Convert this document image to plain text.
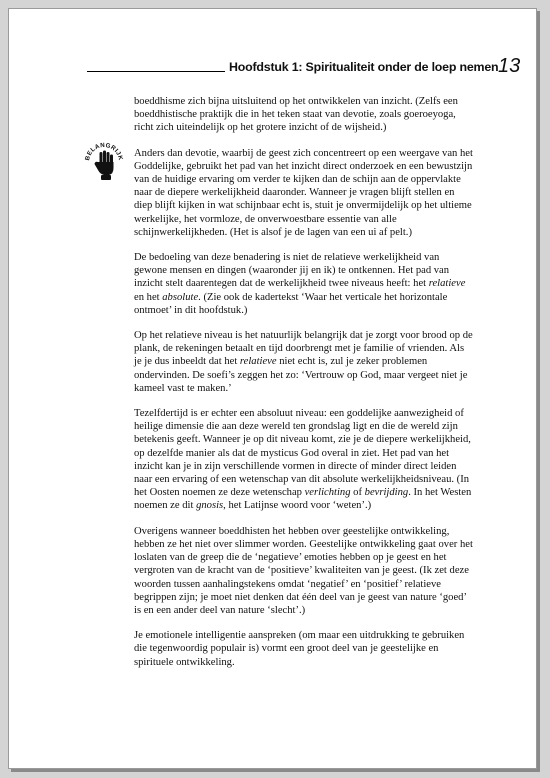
Hoofdstuk 1: Spiritualiteit onder de loep nemen 13
BELANGRIJK

boeddhisme zich bijna uitsluitend op het ontwikkelen van inzicht. (Zelfs een boeddhistische praktijk die in het teken staat van devotie, zoals goeroeyoga, richt zich uiteindelijk op het grotere inzicht of de wijsheid.)

Anders dan devotie, waarbij de geest zich concentreert op een weergave van het Goddelijke, gebruikt het pad van het inzicht direct onderzoek en een bewustzijn van de huidige ervaring om verder te kijken dan de schijn aan de oppervlakte naar de diepere werkelijkheid daaronder. Wanneer je vragen blijft stellen en diep blijft kijken in wat schijnbaar echt is, stuit je onvermijdelijk op het ultieme werkelijke, het vormloze, de onverwoestbare essentie van alle schijnwerkelijkheden. (Het is alsof je de lagen van een ui af pelt.)

De bedoeling van deze benadering is niet de relatieve werkelijkheid van gewone mensen en dingen (waaronder jij en ik) te ontkennen. Het pad van inzicht stelt daarentegen dat de werkelijkheid twee niveaus heeft: het relatieve en het absolute. (Zie ook de kadertekst ‘Waar het verticale het horizontale ontmoet’ in dit hoofdstuk.)

Op het relatieve niveau is het natuurlijk belangrijk dat je zorgt voor brood op de plank, de rekeningen betaalt en tijd doorbrengt met je familie of vrienden. Als je je dus inbeeldt dat het relatieve niet echt is, zul je zeker problemen ondervinden. De soefi’s zeggen het zo: ‘Vertrouw op God, maar vergeet niet je kameel vast te maken.’

Tezelfdertijd is er echter een absoluut niveau: een goddelijke aanwezigheid of heilige dimensie die aan deze wereld ten grondslag ligt en die de wereld zijn betekenis geeft. Wanneer je op dit niveau komt, zie je de diepere werkelijkheid, op dezelfde manier als dat de mysticus God overal in ziet. Het pad van het inzicht kan je in zijn verschillende vormen in directe of minder direct leiden naar een ervaring of een wetenschap van dit absolute werkelijkheidsniveau. (In het Oosten noemen ze deze wetenschap verlichting of bevrijding. In het Westen noemen ze dit gnosis, het Latijnse woord voor ‘weten’.)

Overigens wanneer boeddhisten het hebben over geestelijke ontwikkeling, hebben ze het niet over slimmer worden. Geestelijke ontwikkeling gaat over het loslaten van de greep die de ‘negatieve’ emoties hebben op je geest en het vergroten van de kracht van de ‘positieve’ kwaliteiten van je geest. (Ik zet deze woorden tussen aanhalingstekens omdat ‘negatief’ en ‘positief’ relatieve begrippen zijn; je moet niet denken dat één deel van je geest van nature ‘goed’ is en een ander deel van nature ‘slecht’.)

Je emotionele intelligentie aanspreken (om maar een uitdrukking te gebruiken die tegenwoordig populair is) vormt een groot deel van je geestelijke en spirituele ontwikkeling.
